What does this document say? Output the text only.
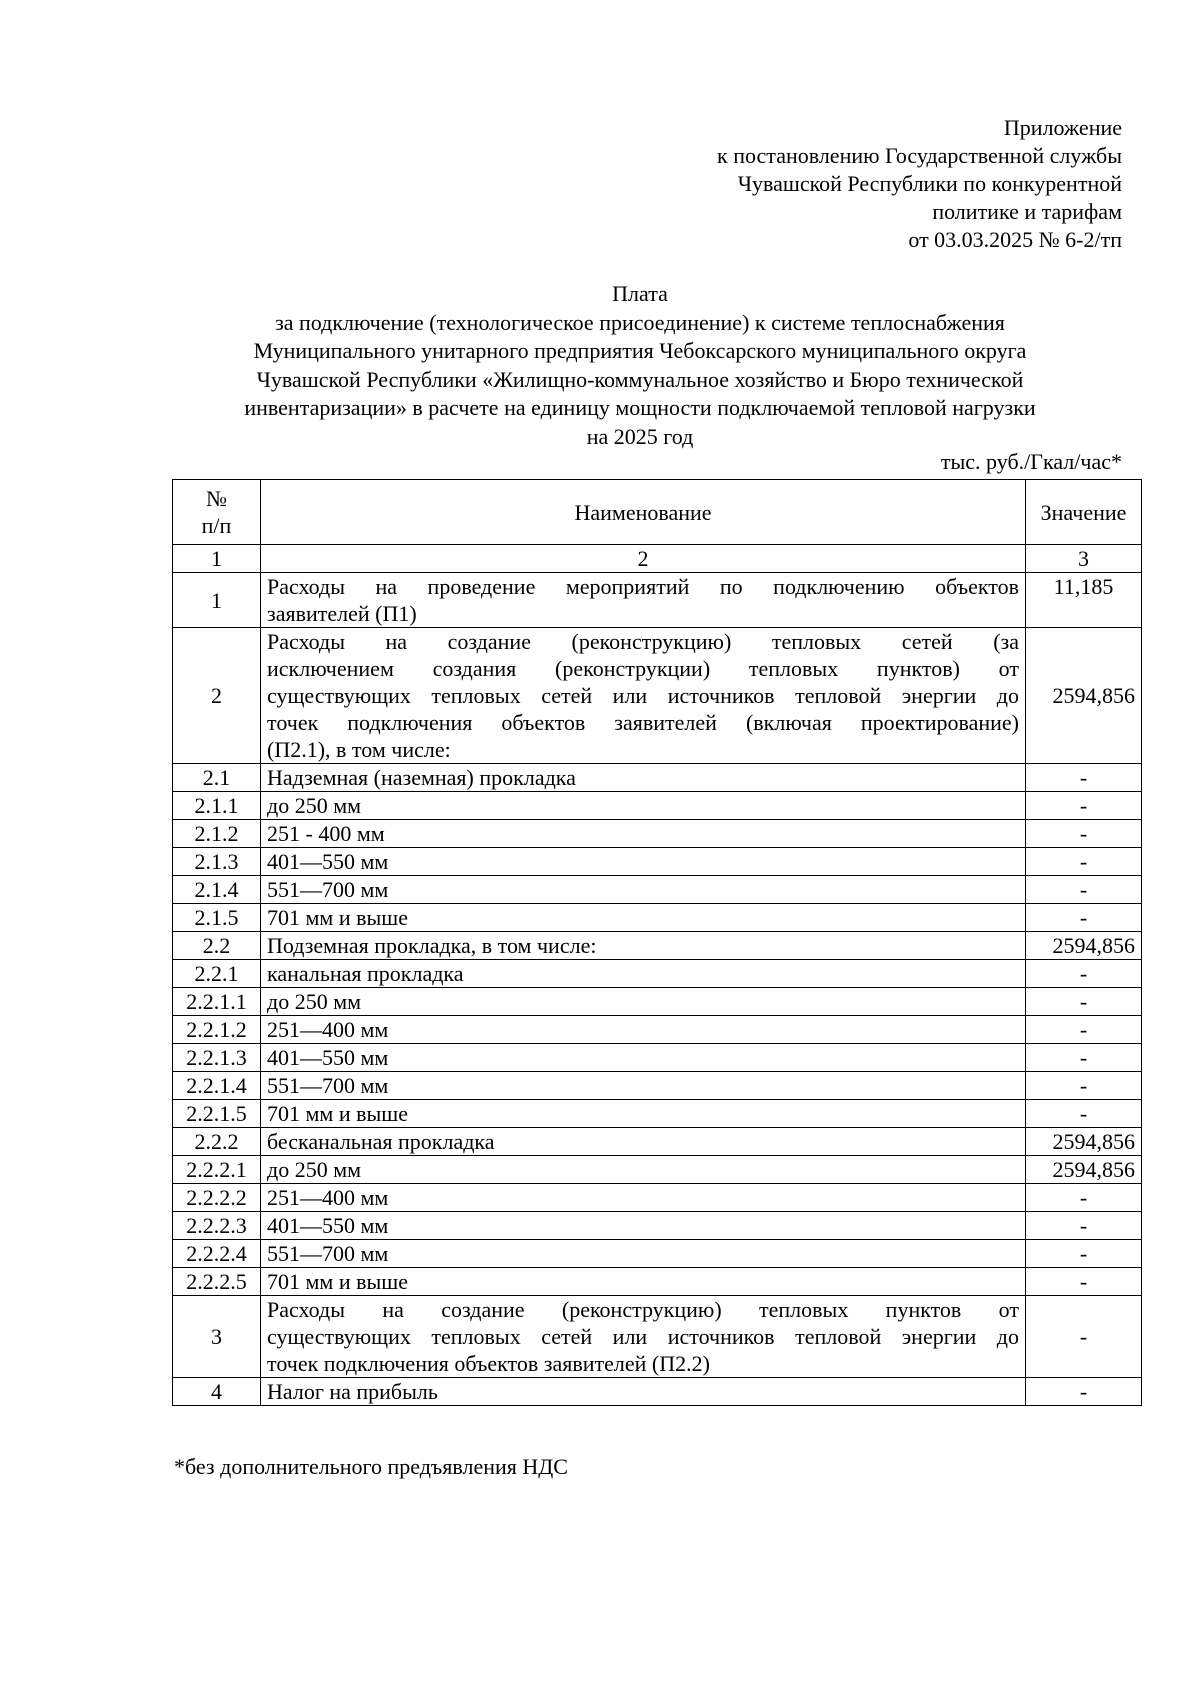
Приложение
к постановлению Государственной службы
Чувашской Республики по конкурентной
политике и тарифам
от 03.03.2025 № 6-2/тп
Плата
за подключение (технологическое присоединение) к системе теплоснабжения
Муниципального унитарного предприятия Чебоксарского муниципального округа
Чувашской Республики «Жилищно-коммунальное хозяйство и Бюро технической
инвентаризации» в расчете на единицу мощности подключаемой тепловой нагрузки
на 2025 год
тыс. руб./Гкал/час*
№
п/п	Наименование	Значение
1	2	3
1	Расходы на проведение мероприятий по подключению объектов
заявителей (П1)	11,185
2	Расходы на создание (реконструкцию) тепловых сетей (за
исключением создания (реконструкции) тепловых пунктов) от
существующих тепловых сетей или источников тепловой энергии до
точек подключения объектов заявителей (включая проектирование)
(П2.1), в том числе:	2594,856
2.1	Надземная (наземная) прокладка	-
2.1.1	до 250 мм	-
2.1.2	251 - 400 мм	-
2.1.3	401—550 мм	-
2.1.4	551—700 мм	-
2.1.5	701 мм и выше	-
2.2	Подземная прокладка, в том числе:	2594,856
2.2.1	канальная прокладка	-
2.2.1.1	до 250 мм	-
2.2.1.2	251—400 мм	-
2.2.1.3	401—550 мм	-
2.2.1.4	551—700 мм	-
2.2.1.5	701 мм и выше	-
2.2.2	бесканальная прокладка	2594,856
2.2.2.1	до 250 мм	2594,856
2.2.2.2	251—400 мм	-
2.2.2.3	401—550 мм	-
2.2.2.4	551—700 мм	-
2.2.2.5	701 мм и выше	-
3	Расходы на создание (реконструкцию) тепловых пунктов от
существующих тепловых сетей или источников тепловой энергии до
точек подключения объектов заявителей (П2.2)	-
4	Налог на прибыль	-
*без дополнительного предъявления НДС
